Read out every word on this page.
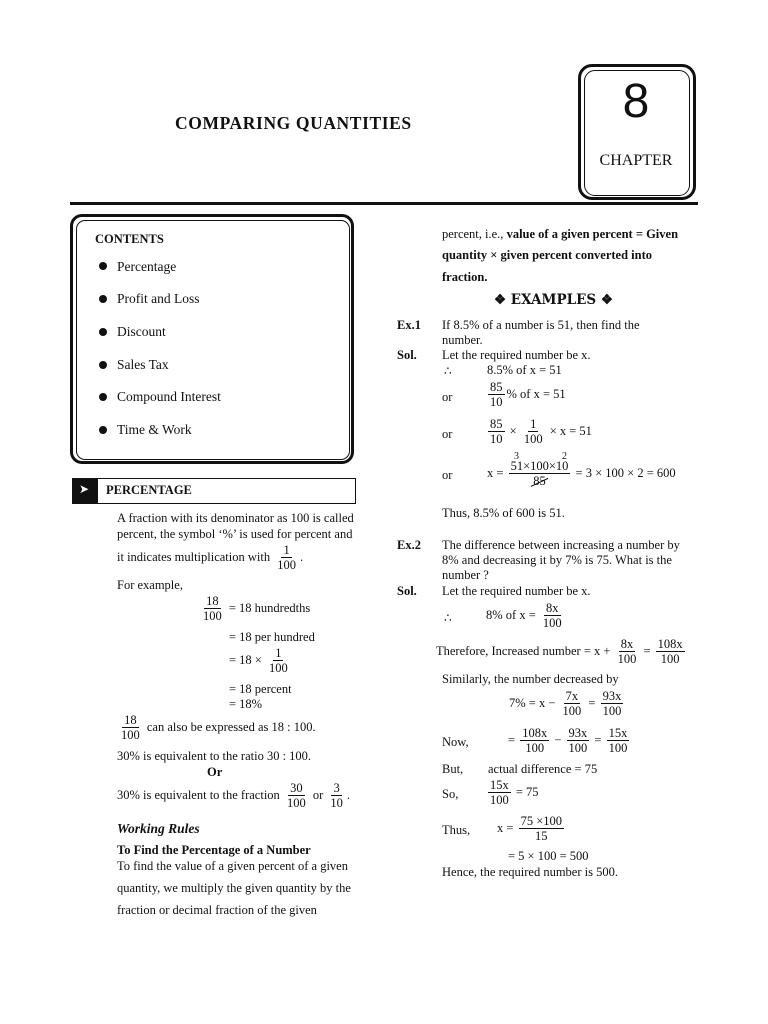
COMPARING QUANTITIES	8
CHAPTER
CONTENTS
Percentage
Profit and Loss
Discount
Sales Tax
Compound Interest
Time & Work
➤ PERCENTAGE
A fraction with its denominator as 100 is called
percent, the symbol ‘%’ is used for percent and
it indicates multiplication with $\frac{1}{100}$ .
For example,
$\frac{18}{100} = 18$ hundredths
= 18 per hundred
= $18 \times \frac{1}{100}$
= 18 percent
= 18%
$\frac{18}{100}$ can also be expressed as 18 : 100.
30% is equivalent to the ratio 30 : 100.
Or
30% is equivalent to the fraction $\frac{30}{100}$ or $\frac{3}{10}$ .
Working Rules
To Find the Percentage of a Number
To find the value of a given percent of a given
quantity, we multiply the given quantity by the
fraction or decimal fraction of the given
percent, i.e., value of a given percent = Given
quantity × given percent converted into
fraction.
❖ EXAMPLES ❖
Ex.1 If 8.5% of a number is 51, then find the
number.
Sol. Let the required number be x.
∴	8.5% of x = 51
or	$\frac{85}{10}$ % of x = 51
or	$\frac{85}{10} \times \frac{1}{100} \times x = 51$
3	2
or	$x = \frac{51\times 100\times 10}{85} = 3 \times 100 \times 2 = 600$
Thus, 8.5% of 600 is 51.
Ex.2 The difference between increasing a number by
8% and decreasing it by 7% is 75. What is the
number ?
Sol. Let the required number be x.
∴	8% of $x = \frac{8x}{100}$
Therefore, Increased number = $x + \frac{8x}{100} = \frac{108x}{100}$
Similarly, the number decreased by
$7\% = x - \frac{7x}{100} = \frac{93x}{100}$
Now,	= $\frac{108x}{100} - \frac{93x}{100} = \frac{15x}{100}$
But, actual difference = 75
So, $\frac{15x}{100} = 75$
Thus, $x = \frac{75 \times 100}{15}$
= 5 × 100 = 500
Hence, the required number is 500.
